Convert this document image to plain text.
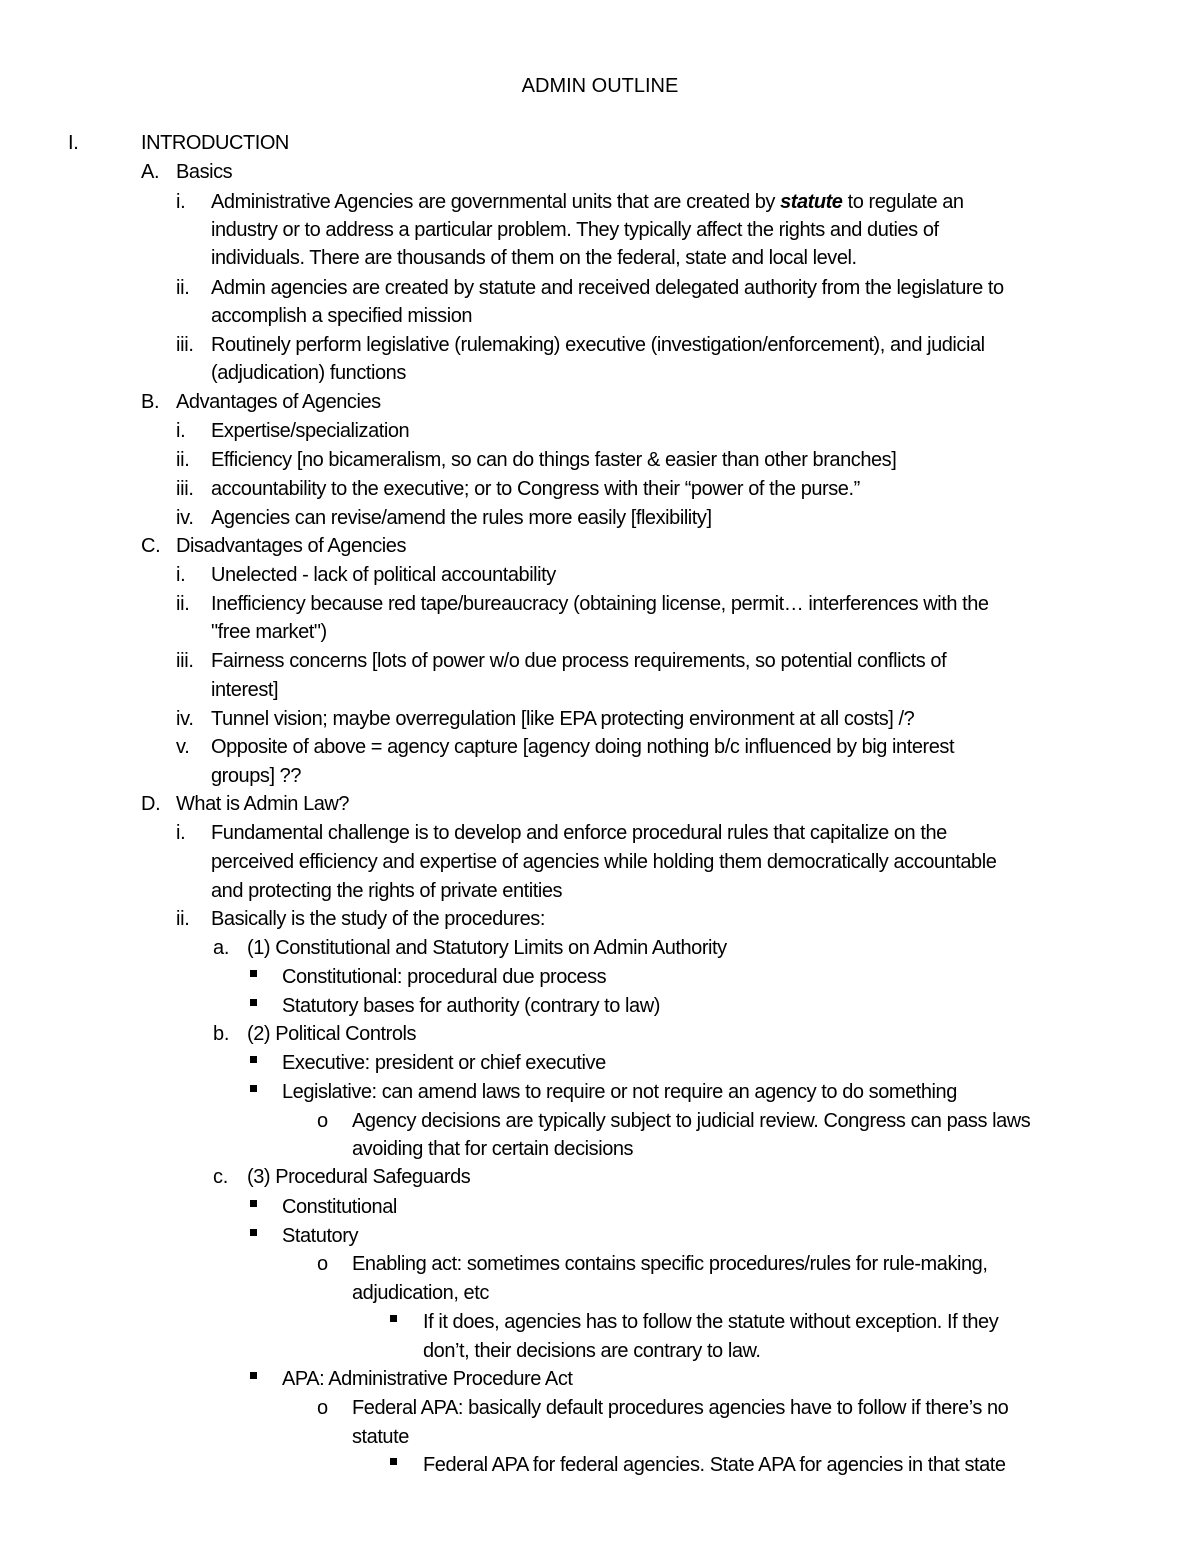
ADMIN OUTLINE
I.	INTRODUCTION
A. Basics
i. Administrative Agencies are governmental units that are created by statute to regulate an
industry or to address a particular problem. They typically affect the rights and duties of
individuals. There are thousands of them on the federal, state and local level.
ii. Admin agencies are created by statute and received delegated authority from the legislature to
accomplish a specified mission
iii. Routinely perform legislative (rulemaking) executive (investigation/enforcement), and judicial
(adjudication) functions
B. Advantages of Agencies
i. Expertise/specialization
ii. Efficiency [no bicameralism, so can do things faster & easier than other branches]
iii. accountability to the executive; or to Congress with their “power of the purse.”
iv. Agencies can revise/amend the rules more easily [flexibility]
C. Disadvantages of Agencies
i. Unelected - lack of political accountability
ii. Inefficiency because red tape/bureaucracy (obtaining license, permit… interferences with the
"free market")
iii. Fairness concerns [lots of power w/o due process requirements, so potential conflicts of
interest]
iv. Tunnel vision; maybe overregulation [like EPA protecting environment at all costs] /?
v. Opposite of above = agency capture [agency doing nothing b/c influenced by big interest
groups] ??
D. What is Admin Law?
i. Fundamental challenge is to develop and enforce procedural rules that capitalize on the
perceived efficiency and expertise of agencies while holding them democratically accountable
and protecting the rights of private entities
ii. Basically is the study of the procedures:
a. (1) Constitutional and Statutory Limits on Admin Authority
Constitutional: procedural due process
Statutory bases for authority (contrary to law)
b. (2) Political Controls
Executive: president or chief executive
Legislative: can amend laws to require or not require an agency to do something
o Agency decisions are typically subject to judicial review. Congress can pass laws
avoiding that for certain decisions
c. (3) Procedural Safeguards
Constitutional
Statutory
o Enabling act: sometimes contains specific procedures/rules for rule-making,
adjudication, etc
If it does, agencies has to follow the statute without exception. If they
don’t, their decisions are contrary to law.
APA: Administrative Procedure Act
o Federal APA: basically default procedures agencies have to follow if there’s no
statute
Federal APA for federal agencies. State APA for agencies in that state
